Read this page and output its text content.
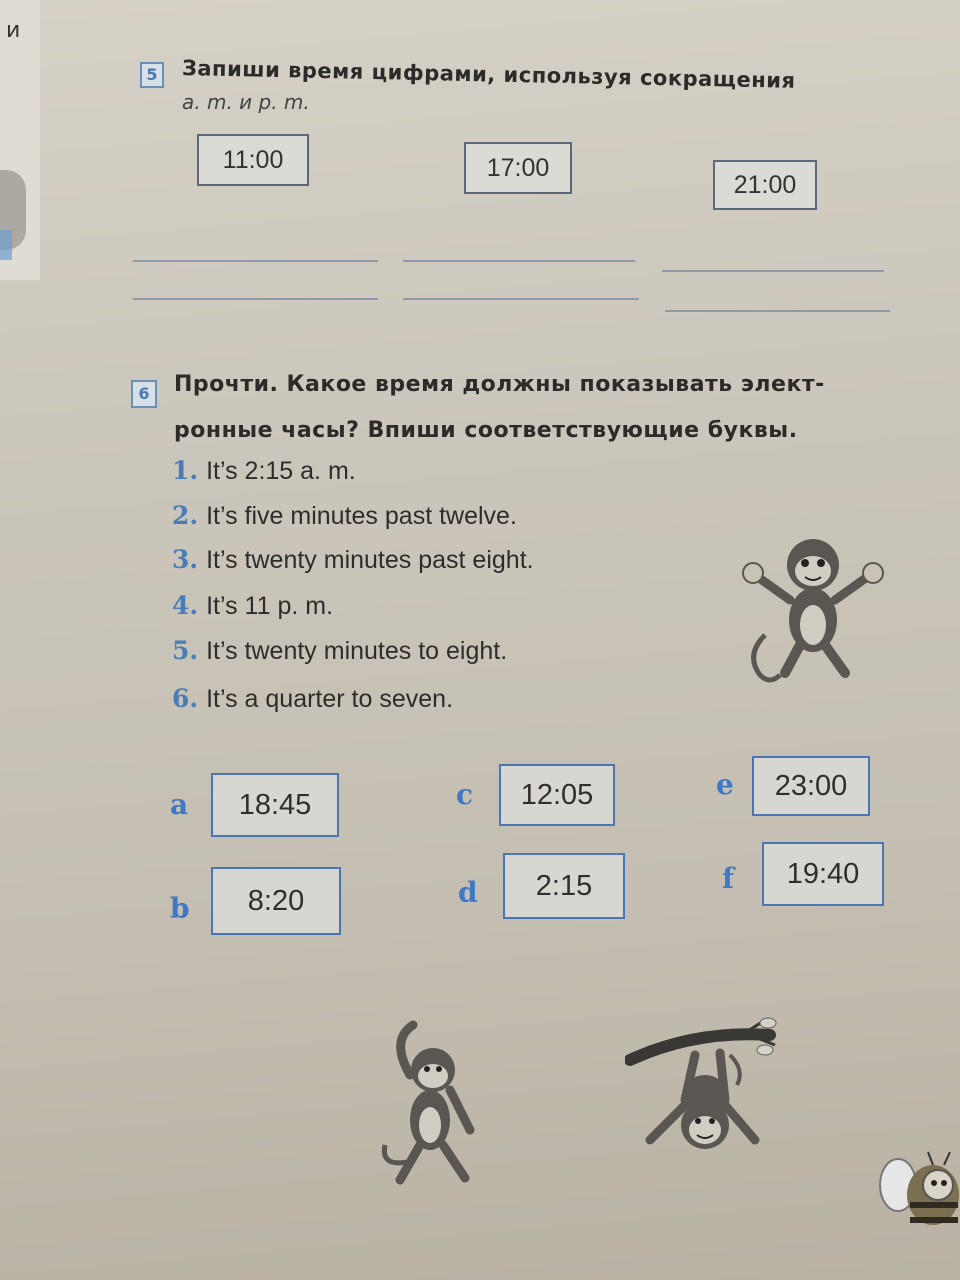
и
5	Запиши время цифрами, используя сокращения
a. m. и p. m.
11:00	17:00
21:00
6	Прочти. Какое время должны показывать элект-
ронные часы? Впиши соответствующие буквы.
1. It’s 2:15 a. m.
2. It’s five minutes past twelve.
3. It’s twenty minutes past eight.
4. It’s 11 p. m.
5. It’s twenty minutes to eight.
6. It’s a quarter to seven.
a	18:45
b	8:20
c	12:05
d	2:15
e	23:00
f	19:40
